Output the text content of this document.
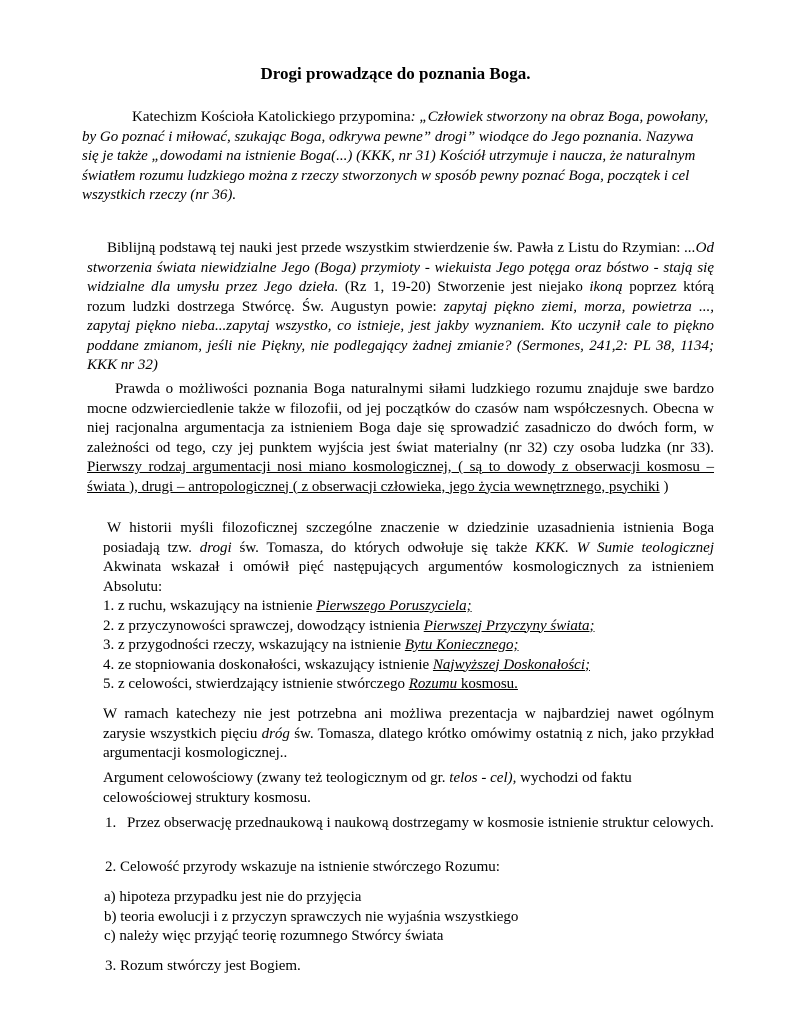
Drogi prowadzące do poznania Boga.
Katechizm Kościoła Katolickiego przypomina: „Człowiek stworzony na obraz Boga, powołany, by Go poznać i miłować, szukając Boga, odkrywa pewne” drogi” wiodące do Jego poznania. Nazywa się je także „dowodami na istnienie Boga(...) (KKK, nr 31) Kościół utrzymuje i naucza, że naturalnym światłem rozumu ludzkiego można z rzeczy stworzonych w sposób pewny poznać Boga, początek i cel wszystkich rzeczy (nr 36).
Biblijną podstawą tej nauki jest przede wszystkim stwierdzenie św. Pawła z Listu do Rzymian: ...Od stworzenia świata niewidzialne Jego (Boga) przymioty - wiekuista Jego potęga oraz bóstwo - stają się widzialne dla umysłu przez Jego dzieła. (Rz 1, 19-20) Stworzenie jest niejako ikoną poprzez którą rozum ludzki dostrzega Stwórcę. Św. Augustyn powie: zapytaj piękno ziemi, morza, powietrza ..., zapytaj piękno nieba...zapytaj wszystko, co istnieje, jest jakby wyznaniem. Kto uczynił cale to piękno poddane zmianom, jeśli nie Piękny, nie podlegający żadnej zmianie? (Sermones, 241,2: PL 38, 1134; KKK nr 32)
Prawda o możliwości poznania Boga naturalnymi siłami ludzkiego rozumu znajduje swe bardzo mocne odzwierciedlenie także w filozofii, od jej początków do czasów nam współczesnych. Obecna w niej racjonalna argumentacja za istnieniem Boga daje się sprowadzić zasadniczo do dwóch form, w zależności od tego, czy jej punktem wyjścia jest świat materialny (nr 32) czy osoba ludzka (nr 33). Pierwszy rodzaj argumentacji nosi miano kosmologicznej, ( są to dowody z obserwacji kosmosu – świata ), drugi – antropologicznej ( z obserwacji człowieka, jego życia wewnętrznego, psychiki )
W historii myśli filozoficznej szczególne znaczenie w dziedzinie uzasadnienia istnienia Boga posiadają tzw. drogi św. Tomasza, do których odwołuje się także KKK. W Sumie teologicznej Akwinata wskazał i omówił pięć następujących argumentów kosmologicznych za istnieniem Absolutu:
1. z ruchu, wskazujący na istnienie Pierwszego Poruszyciela;
2. z przyczynowości sprawczej, dowodzący istnienia Pierwszej Przyczyny świata;
3. z przygodności rzeczy, wskazujący na istnienie Bytu Koniecznego;
4. ze stopniowania doskonałości, wskazujący istnienie Najwyższej Doskonałości;
5. z celowości, stwierdzający istnienie stwórczego Rozumu kosmosu.
W ramach katechezy nie jest potrzebna ani możliwa prezentacja w najbardziej nawet ogólnym zarysie wszystkich pięciu dróg św. Tomasza, dlatego krótko omówimy ostatnią z nich, jako przykład argumentacji kosmologicznej..
Argument celowościowy (zwany też teologicznym od gr. telos - cel), wychodzi od faktu celowościowej struktury kosmosu.
1. Przez obserwację przednaukową i naukową dostrzegamy w kosmosie istnienie struktur celowych.
2. Celowość przyrody wskazuje na istnienie stwórczego Rozumu:
a) hipoteza przypadku jest nie do przyjęcia
b) teoria ewolucji i z przyczyn sprawczych nie wyjaśnia wszystkiego
c) należy więc przyjąć teorię rozumnego Stwórcy świata
3. Rozum stwórczy jest Bogiem.
